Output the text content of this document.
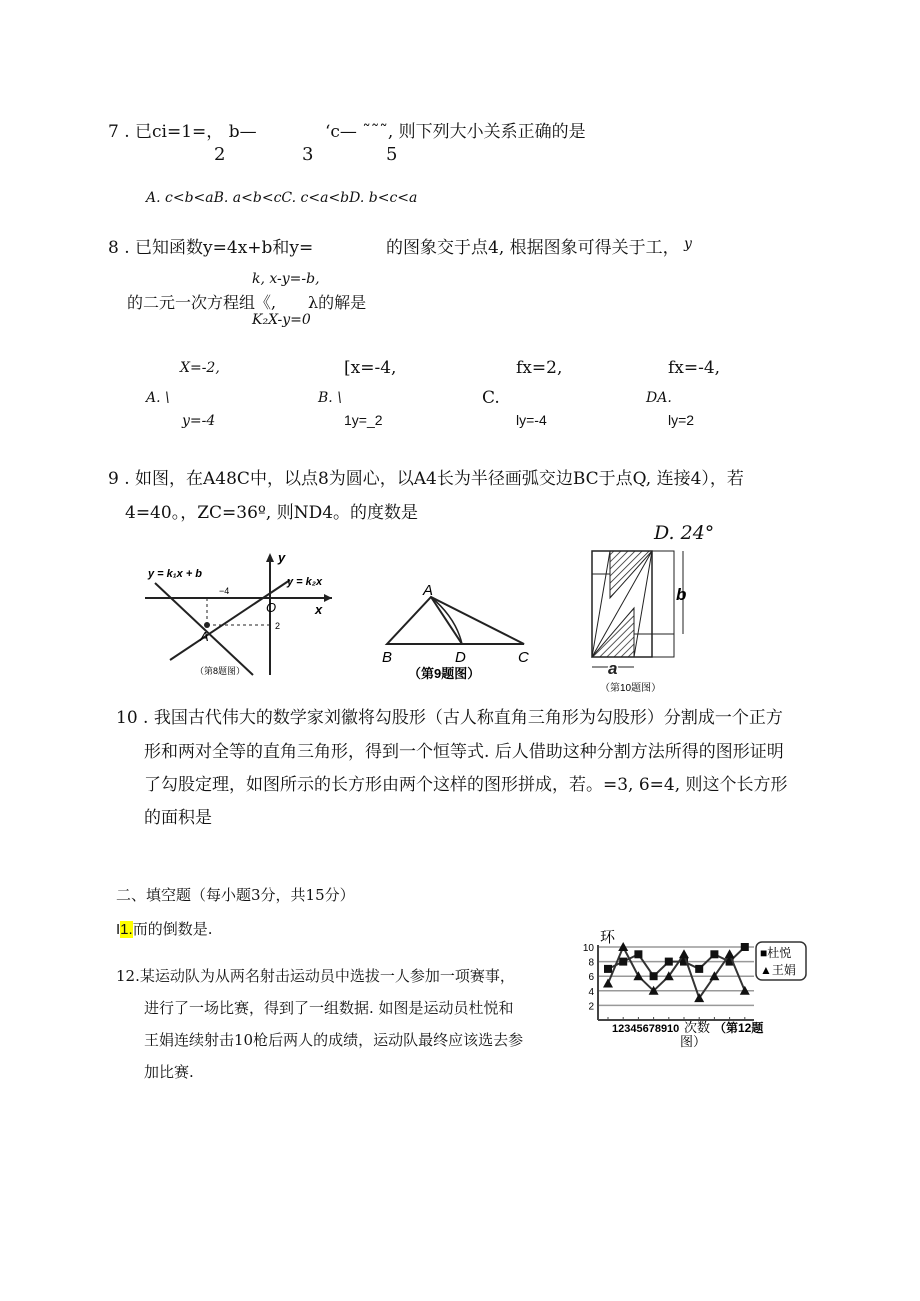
7 . 已ci=1=， b—	‘c— ˜˜˜, 则下列大小关系正确的是
2	3	5
A. c<b<aB. a<b<cC. c<a<bD. b<c<a
8 . 已知函数y=4x+b和y=	的图象交于点4, 根据图象可得关于工， y
k, x-y=-b,
的二元一次方程组《, λ的解是
K₂X-y=0
X=-2,
A. \
y=-4
[x=-4,
B. \
1y=_2
fx=2,
C.
ly=-4
fx=-4,
DA.
ly=2
9 . 如图，在A48C中，以点8为圆心，以A4长为半径画弧交边BC于点Q, 连接4），若
4=40。，ZC=36º, 则ND4。的度数是
D. 24°
y = k₁x + b
y = k₂x
y
x
O
−4
2
A
（第8题图）
A
B	D	C
（第9题图）
b
a
（第10题图）
10 . 我国古代伟大的数学家刘徽将勾股形（古人称直角三角形为勾股形）分割成一个正方
形和两对全等的直角三角形，得到一个恒等式. 后人借助这种分割方法所得的图形证明
了勾股定理，如图所示的长方形由两个这样的图形拼成，若。=3, 6=4, 则这个长方形
的面积是
二、填空题（每小题3分，共15分）
I1.而的倒数是.
12.某运动队为从两名射击运动员中选拔一人参加一项赛事，
进行了一场比赛，得到了一组数据. 如图是运动员杜悦和
王娟连续射击10枪后两人的成绩，运动队最终应该选去参
加比赛.
环
2
4
6
8
10	■杜悦
▲王娟
12345678910 次数 （第12题
图）
